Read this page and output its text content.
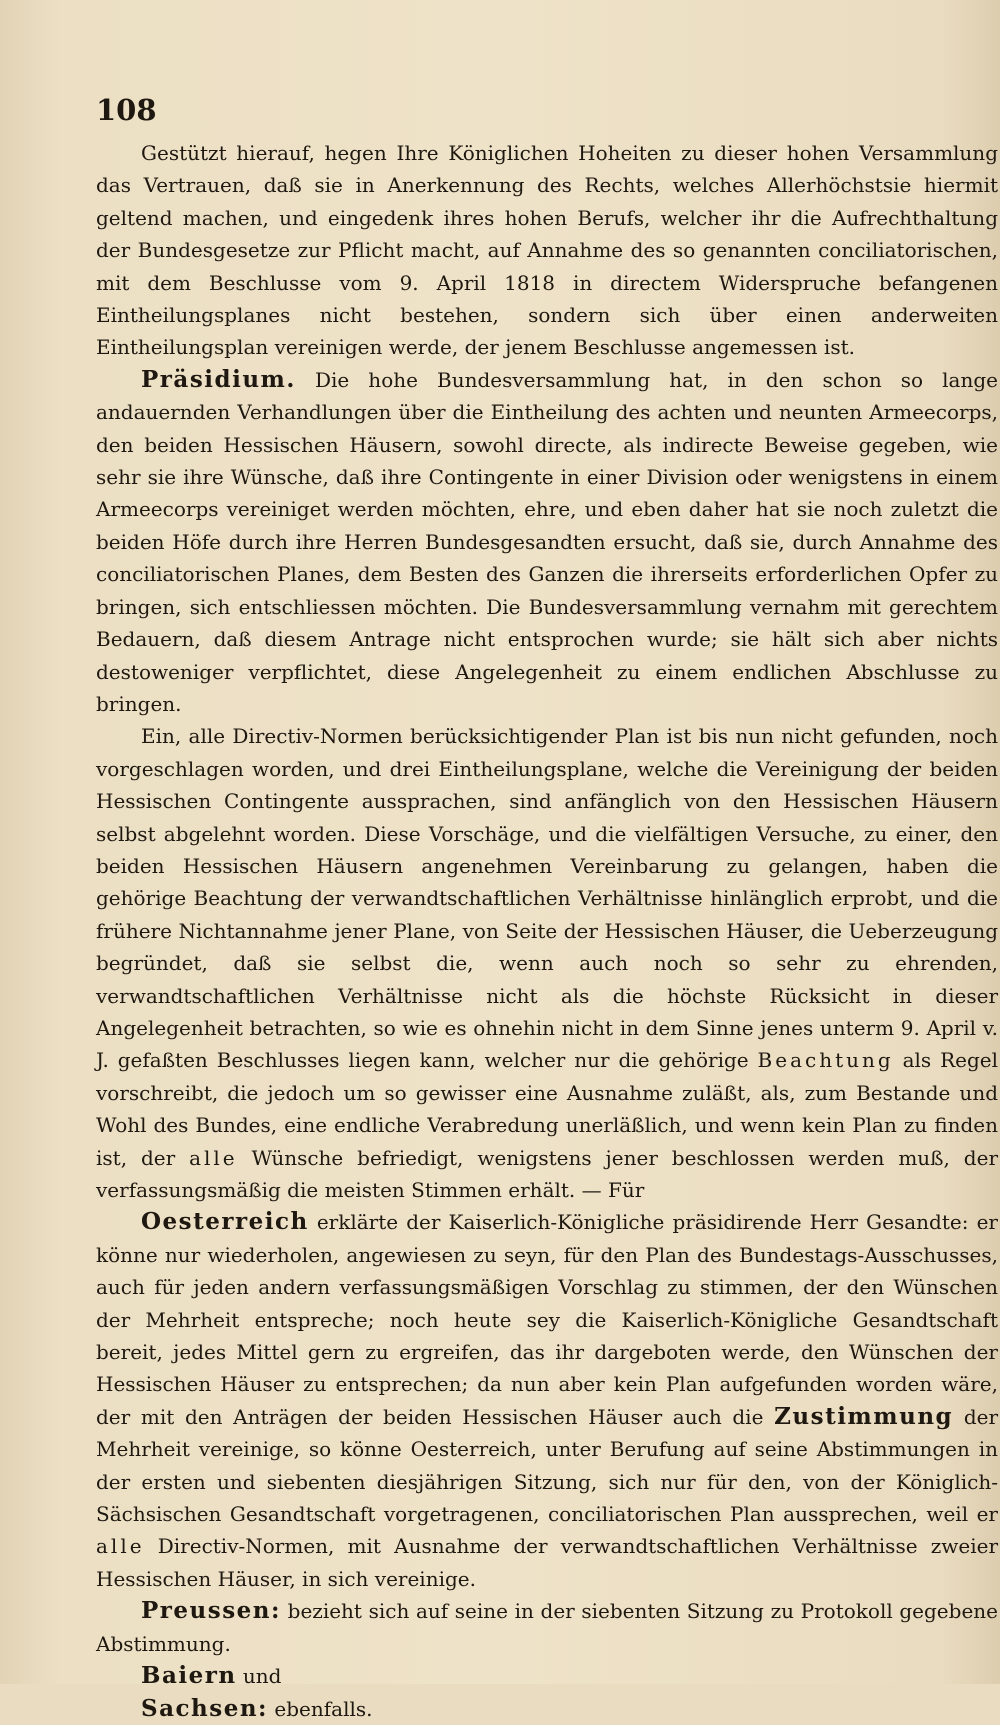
108

Gestützt hierauf, hegen Ihre Königlichen Hoheiten zu dieser hohen Versammlung das Vertrauen, daß sie in Anerkennung des Rechts, welches Allerhöchstsie hiermit geltend machen, und eingedenk ihres hohen Berufs, welcher ihr die Aufrechthaltung der Bundesgesetze zur Pflicht macht, auf Annahme des so genannten conciliatorischen, mit dem Beschlusse vom 9. April 1818 in directem Widerspruche befangenen Eintheilungsplanes nicht bestehen, sondern sich über einen anderweiten Eintheilungsplan vereinigen werde, der jenem Beschlusse angemessen ist.

Präsidium. Die hohe Bundesversammlung hat, in den schon so lange andauernden Verhandlungen über die Eintheilung des achten und neunten Armeecorps, den beiden Hessischen Häusern, sowohl directe, als indirecte Beweise gegeben, wie sehr sie ihre Wünsche, daß ihre Contingente in einer Division oder wenigstens in einem Armeecorps vereiniget werden möchten, ehre, und eben daher hat sie noch zuletzt die beiden Höfe durch ihre Herren Bundesgesandten ersucht, daß sie, durch Annahme des conciliatorischen Planes, dem Besten des Ganzen die ihrerseits erforderlichen Opfer zu bringen, sich entschliessen möchten. Die Bundesversammlung vernahm mit gerechtem Bedauern, daß diesem Antrage nicht entsprochen wurde; sie hält sich aber nichts destoweniger verpflichtet, diese Angelegenheit zu einem endlichen Abschlusse zu bringen.

Ein, alle Directiv-Normen berücksichtigender Plan ist bis nun nicht gefunden, noch vorgeschlagen worden, und drei Eintheilungsplane, welche die Vereinigung der beiden Hessischen Contingente aussprachen, sind anfänglich von den Hessischen Häusern selbst abgelehnt worden. Diese Vorschäge, und die vielfältigen Versuche, zu einer, den beiden Hessischen Häusern angenehmen Vereinbarung zu gelangen, haben die gehörige Beachtung der verwandtschaftlichen Verhältnisse hinlänglich erprobt, und die frühere Nichtannahme jener Plane, von Seite der Hessischen Häuser, die Ueberzeugung begründet, daß sie selbst die, wenn auch noch so sehr zu ehrenden, verwandtschaftlichen Verhältnisse nicht als die höchste Rücksicht in dieser Angelegenheit betrachten, so wie es ohnehin nicht in dem Sinne jenes unterm 9. April v. J. gefaßten Beschlusses liegen kann, welcher nur die gehörige Beachtung als Regel vorschreibt, die jedoch um so gewisser eine Ausnahme zuläßt, als, zum Bestande und Wohl des Bundes, eine endliche Verabredung unerläßlich, und wenn kein Plan zu finden ist, der alle Wünsche befriedigt, wenigstens jener beschlossen werden muß, der verfassungsmäßig die meisten Stimmen erhält. — Für

Oesterreich erklärte der Kaiserlich-Königliche präsidirende Herr Gesandte: er könne nur wiederholen, angewiesen zu seyn, für den Plan des Bundestags-Ausschusses, auch für jeden andern verfassungsmäßigen Vorschlag zu stimmen, der den Wünschen der Mehrheit entspreche; noch heute sey die Kaiserlich-Königliche Gesandtschaft bereit, jedes Mittel gern zu ergreifen, das ihr dargeboten werde, den Wünschen der Hessischen Häuser zu entsprechen; da nun aber kein Plan aufgefunden worden wäre, der mit den Anträgen der beiden Hessischen Häuser auch die Zustimmung der Mehrheit vereinige, so könne Oesterreich, unter Berufung auf seine Abstimmungen in der ersten und siebenten diesjährigen Sitzung, sich nur für den, von der Königlich-Sächsischen Gesandtschaft vorgetragenen, conciliatorischen Plan aussprechen, weil er alle Directiv-Normen, mit Ausnahme der verwandtschaftlichen Verhältnisse zweier Hessischen Häuser, in sich vereinige.

Preussen: bezieht sich auf seine in der siebenten Sitzung zu Protokoll gegebene Abstimmung.

Baiern und

Sachsen: ebenfalls.
